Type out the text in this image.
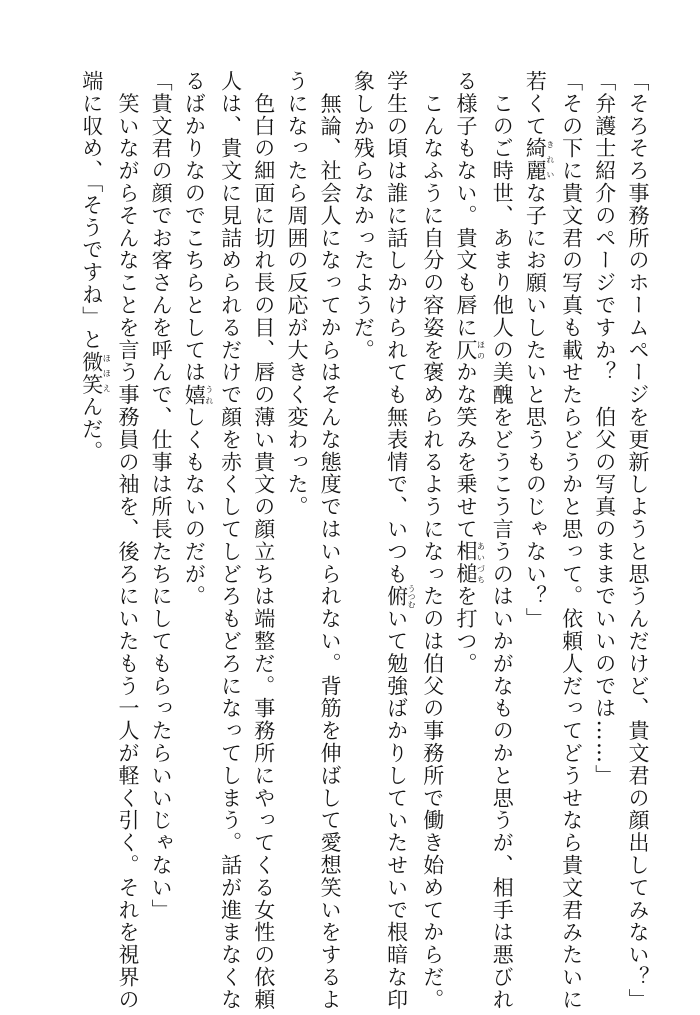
「そろそろ事務所のホームページを更新しようと思うんだけど、貴文君の顔出してみない？」
「弁護士紹介のページですか？　伯父の写真のままでいいのでは……」
「その下に貴文君の写真も載せたらどうかと思って。依頼人だってどうせなら貴文君みたいに
若くて綺麗きれいな子にお願いしたいと思うものじゃない？」
このご時世、あまり他人の美醜をどうこう言うのはいかがなものかと思うが、相手は悪びれ
る様子もない。貴文も唇に仄ほのかな笑みを乗せて相槌あいづちを打つ。
こんなふうに自分の容姿を褒められるようになったのは伯父の事務所で働き始めてからだ。
学生の頃は誰に話しかけられても無表情で、いつも俯うつむいて勉強ばかりしていたせいで根暗な印
象しか残らなかったようだ。
無論、社会人になってからはそんな態度ではいられない。背筋を伸ばして愛想笑いをするよ
うになったら周囲の反応が大きく変わった。
色白の細面に切れ長の目、唇の薄い貴文の顔立ちは端整だ。事務所にやってくる女性の依頼
人は、貴文に見詰められるだけで顔を赤くしてしどろもどろになってしまう。話が進まなくな
るばかりなのでこちらとしては嬉うれしくもないのだが。
「貴文君の顔でお客さんを呼んで、仕事は所長たちにしてもらったらいいじゃない」
笑いながらそんなことを言う事務員の袖を、後ろにいたもう一人が軽く引く。それを視界の
端に収め、「そうですね」と微笑ほほえんだ。
